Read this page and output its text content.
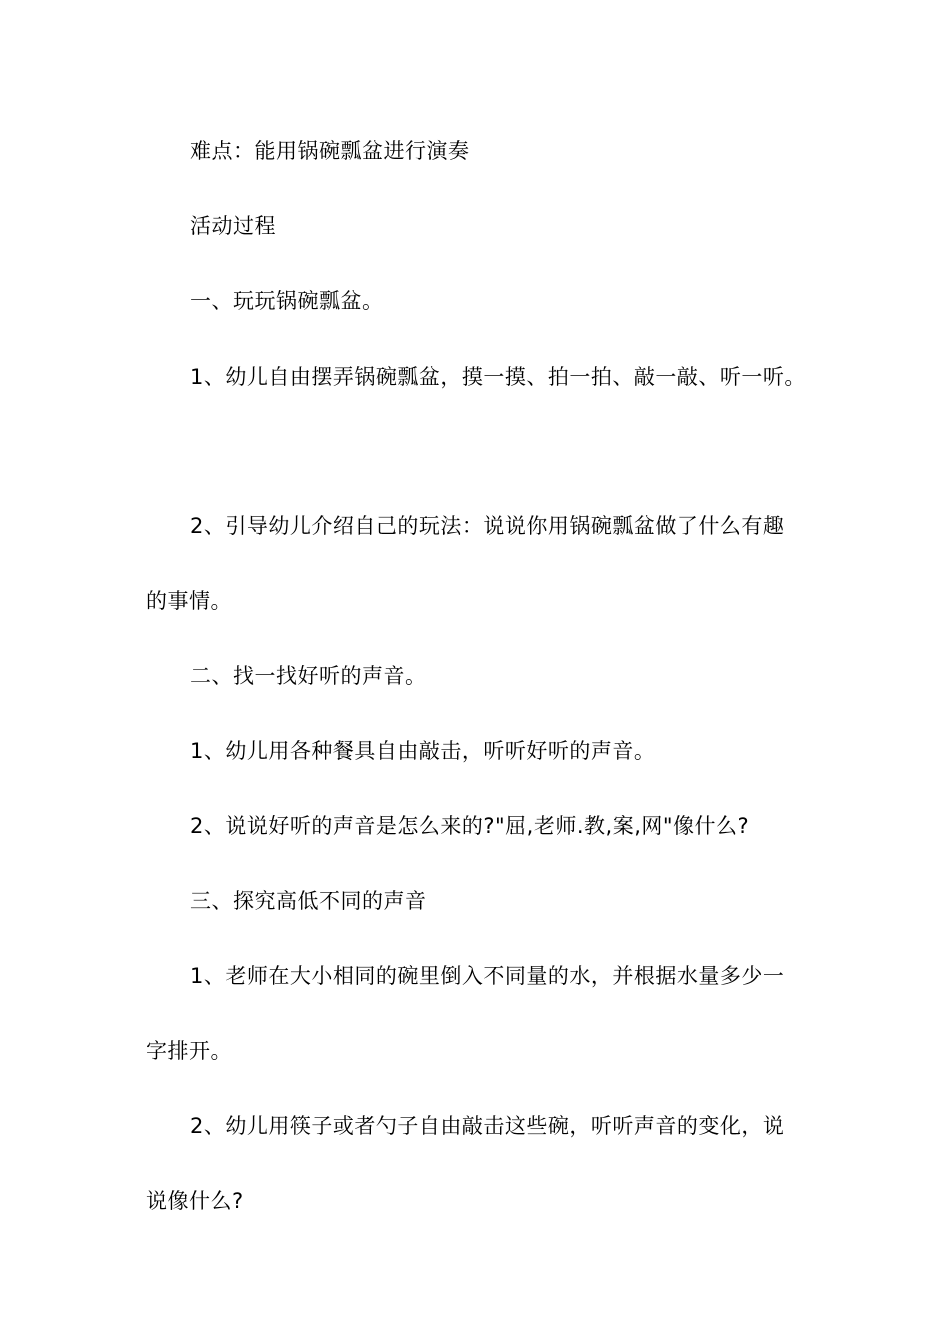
难点：能用锅碗瓢盆进行演奏
活动过程
一、玩玩锅碗瓢盆。
1、幼儿自由摆弄锅碗瓢盆，摸一摸、拍一拍、敲一敲、听一听。
2、引导幼儿介绍自己的玩法：说说你用锅碗瓢盆做了什么有趣
的事情。
二、找一找好听的声音。
1、幼儿用各种餐具自由敲击，听听好听的声音。
2、说说好听的声音是怎么来的?"屈,老师.教,案,网"像什么?
三、探究高低不同的声音
1、老师在大小相同的碗里倒入不同量的水，并根据水量多少一
字排开。
2、幼儿用筷子或者勺子自由敲击这些碗，听听声音的变化，说
说像什么?
